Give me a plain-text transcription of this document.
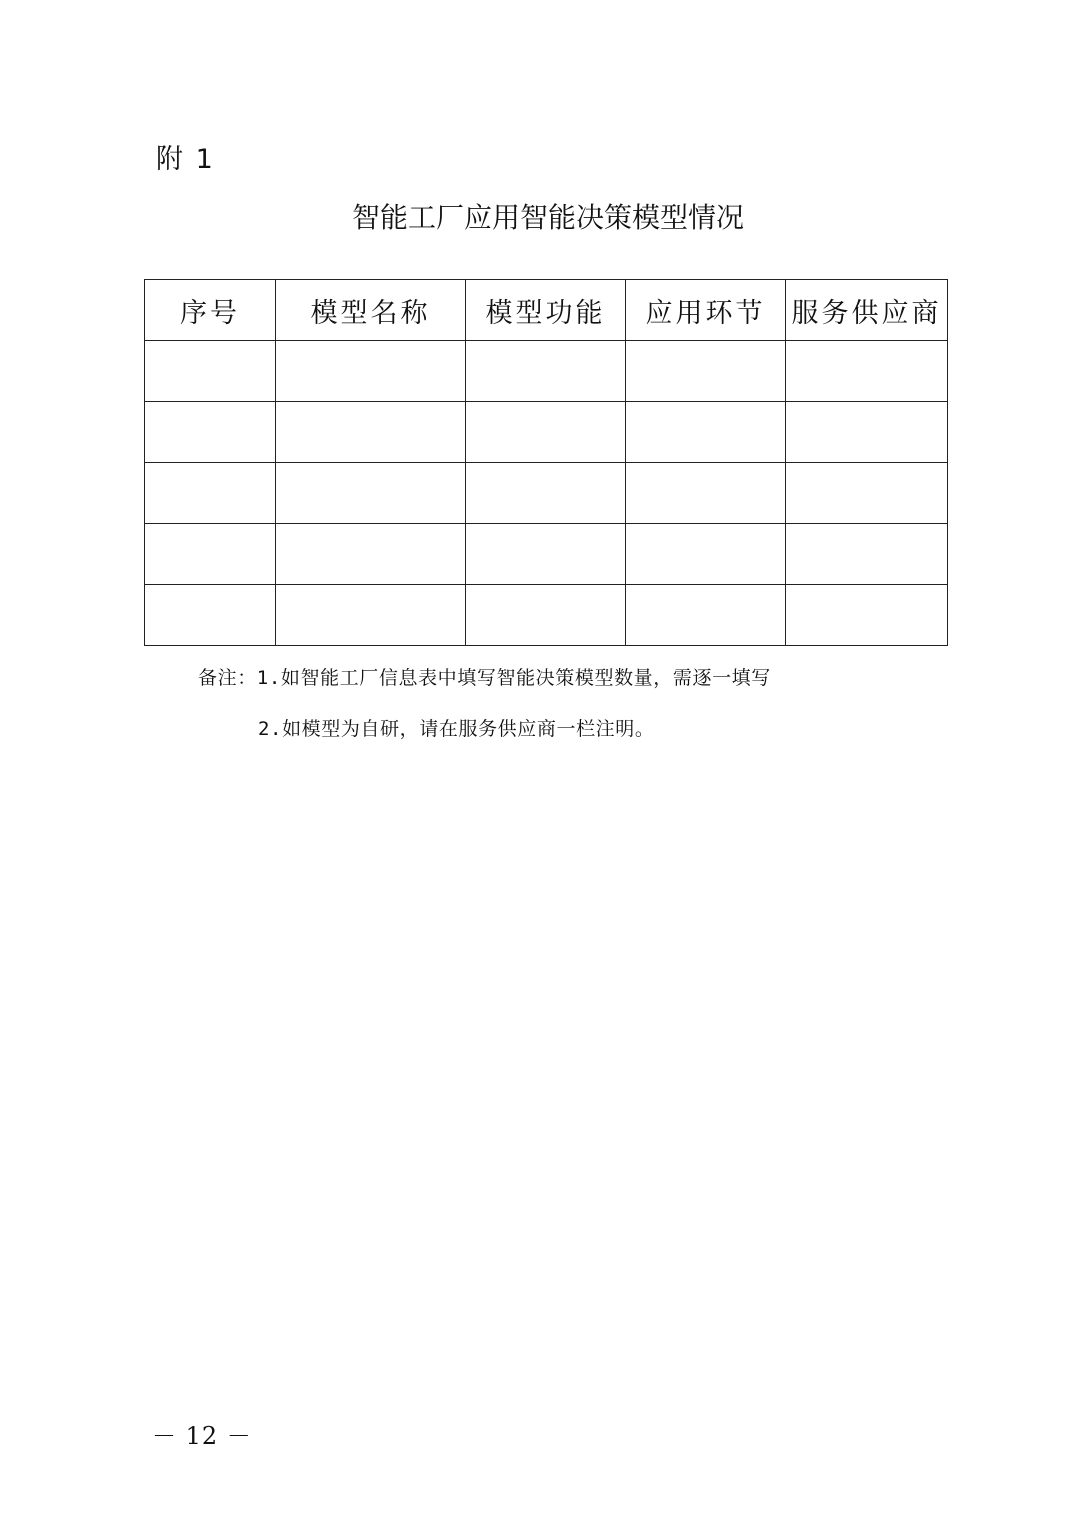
附 1
智能工厂应用智能决策模型情况
序号	模型名称	模型功能	应用环节	服务供应商

备注：1.如智能工厂信息表中填写智能决策模型数量，需逐一填写
2.如模型为自研，请在服务供应商一栏注明。
－ 12 －
